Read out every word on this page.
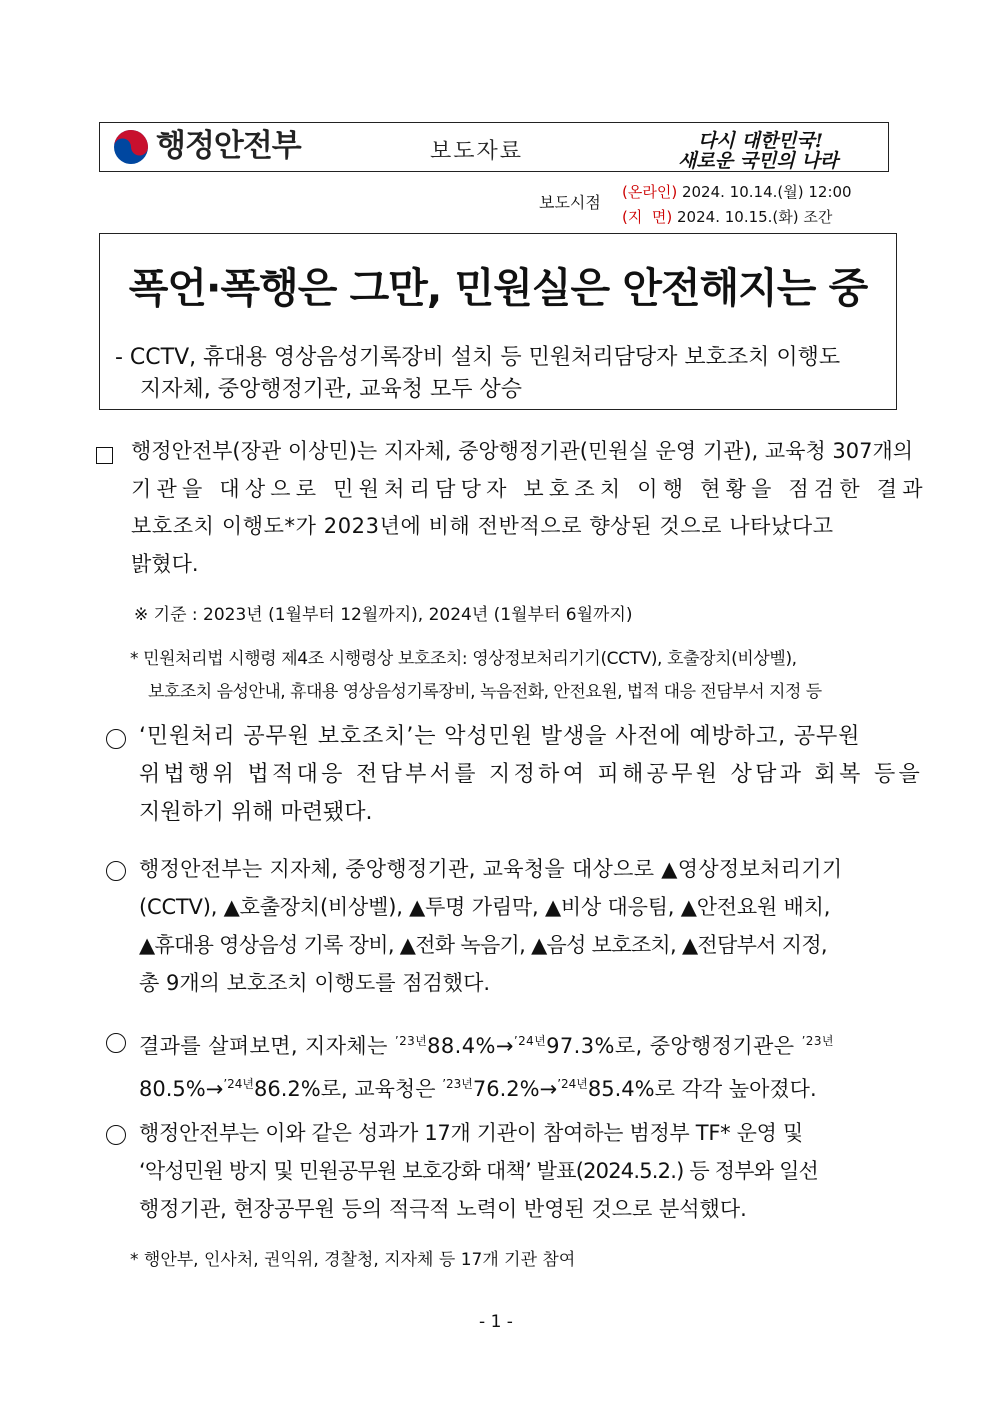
행정안전부	보도자료	다시 대한민국!
새로운 국민의 나라
보도시점
(온라인) 2024. 10.14.(월) 12:00
(지  면) 2024. 10.15.(화) 조간
폭언·폭행은 그만, 민원실은 안전해지는 중
- CCTV, 휴대용 영상음성기록장비 설치 등 민원처리담당자 보호조치 이행도
지자체, 중앙행정기관, 교육청 모두 상승
행정안전부(장관 이상민)는 지자체, 중앙행정기관(민원실 운영 기관), 교육청 307개의
기관을 대상으로 민원처리담당자 보호조치 이행 현황을 점검한 결과
보호조치 이행도*가 2023년에 비해 전반적으로 향상된 것으로 나타났다고
밝혔다.
※ 기준 : 2023년 (1월부터 12월까지), 2024년 (1월부터 6월까지)
* 민원처리법 시행령 제4조 시행령상 보호조치: 영상정보처리기기(CCTV), 호출장치(비상벨),
보호조치 음성안내, 휴대용 영상음성기록장비, 녹음전화, 안전요원, 법적 대응 전담부서 지정 등
‘민원처리 공무원 보호조치’는 악성민원 발생을 사전에 예방하고, 공무원
위법행위 법적대응 전담부서를 지정하여 피해공무원 상담과 회복 등을
지원하기 위해 마련됐다.
행정안전부는 지자체, 중앙행정기관, 교육청을 대상으로 ▲영상정보처리기기
(CCTV), ▲호출장치(비상벨), ▲투명 가림막, ▲비상 대응팀, ▲안전요원 배치,
▲휴대용 영상음성 기록 장비, ▲전화 녹음기, ▲음성 보호조치, ▲전담부서 지정,
총 9개의 보호조치 이행도를 점검했다.
결과를 살펴보면, 지자체는 $^{’23년}$88.4%→$^{’24년}$97.3%로, 중앙행정기관은 $^{’23년}$
80.5%→$^{’24년}$86.2%로, 교육청은 $^{’23년}$76.2%→$^{’24년}$85.4%로 각각 높아졌다.
행정안전부는 이와 같은 성과가 17개 기관이 참여하는 범정부 TF* 운영 및
‘악성민원 방지 및 민원공무원 보호강화 대책’ 발표(2024.5.2.) 등 정부와 일선
행정기관, 현장공무원 등의 적극적 노력이 반영된 것으로 분석했다.
* 행안부, 인사처, 권익위, 경찰청, 지자체 등 17개 기관 참여
- 1 -
